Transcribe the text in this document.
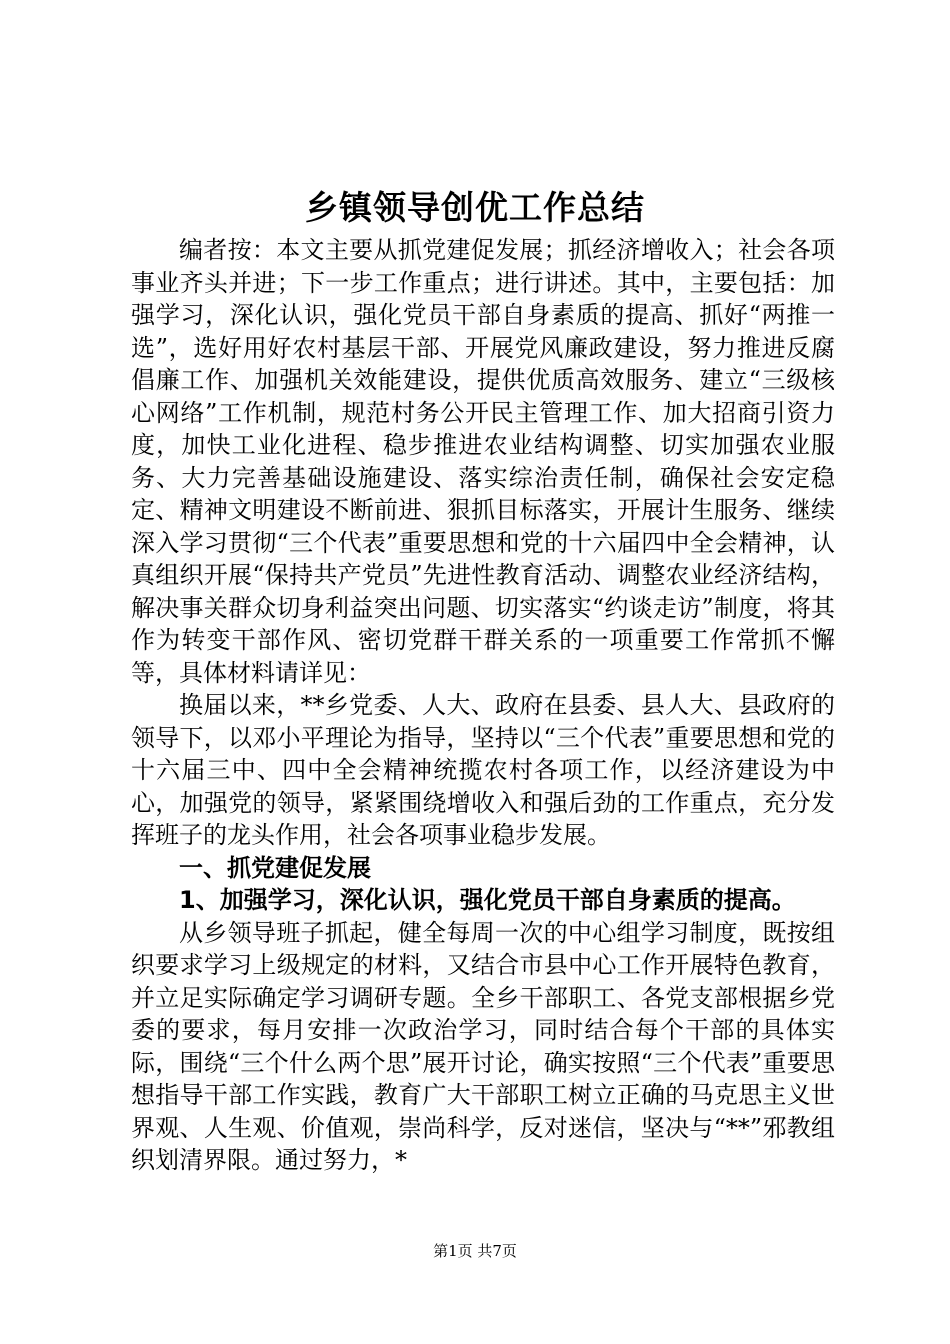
乡镇领导创优工作总结

编者按：本文主要从抓党建促发展；抓经济增收入；社会各项事业齐头并进；下一步工作重点；进行讲述。其中，主要包括：加强学习，深化认识，强化党员干部自身素质的提高、抓好“两推一选”，选好用好农村基层干部、开展党风廉政建设，努力推进反腐倡廉工作、加强机关效能建设，提供优质高效服务、建立“三级核心网络”工作机制，规范村务公开民主管理工作、加大招商引资力度，加快工业化进程、稳步推进农业结构调整、切实加强农业服务、大力完善基础设施建设、落实综治责任制，确保社会安定稳定、精神文明建设不断前进、狠抓目标落实，开展计生服务、继续深入学习贯彻“三个代表”重要思想和党的十六届四中全会精神，认真组织开展“保持共产党员”先进性教育活动、调整农业经济结构，解决事关群众切身利益突出问题、切实落实“约谈走访”制度，将其作为转变干部作风、密切党群干群关系的一项重要工作常抓不懈等，具体材料请详见：

换届以来，**乡党委、人大、政府在县委、县人大、县政府的领导下，以邓小平理论为指导，坚持以“三个代表”重要思想和党的十六届三中、四中全会精神统揽农村各项工作，以经济建设为中心，加强党的领导，紧紧围绕增收入和强后劲的工作重点，充分发挥班子的龙头作用，社会各项事业稳步发展。

一、抓党建促发展

1、加强学习，深化认识，强化党员干部自身素质的提高。

从乡领导班子抓起，健全每周一次的中心组学习制度，既按组织要求学习上级规定的材料，又结合市县中心工作开展特色教育，并立足实际确定学习调研专题。全乡干部职工、各党支部根据乡党委的要求，每月安排一次政治学习，同时结合每个干部的具体实际，围绕“三个什么两个思”展开讨论，确实按照“三个代表”重要思想指导干部工作实践，教育广大干部职工树立正确的马克思主义世界观、人生观、价值观，崇尚科学，反对迷信，坚决与“**”邪教组织划清界限。通过努力，*

第1页 共7页
